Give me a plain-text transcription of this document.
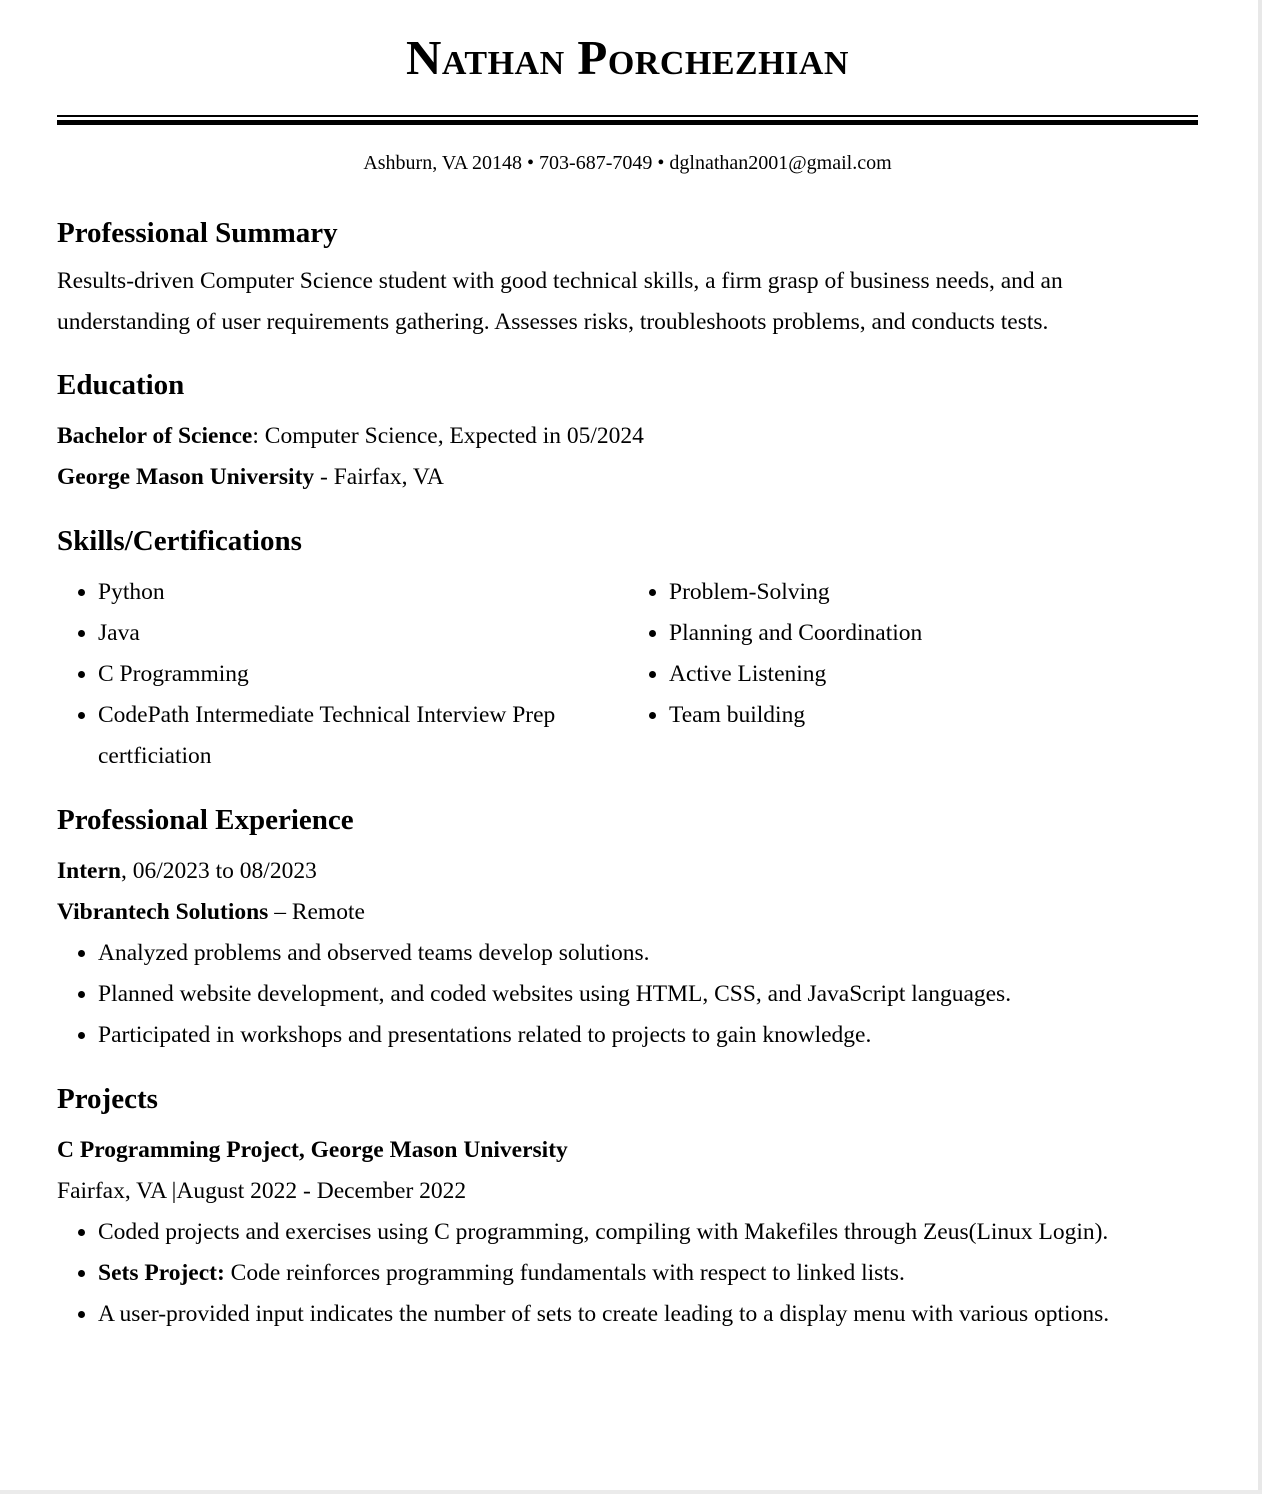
Nathan Porchezhian
Ashburn, VA 20148 • 703-687-7049 • dglnathan2001@gmail.com
Professional Summary

Results-driven Computer Science student with good technical skills, a firm grasp of business needs, and an understanding of user requirements gathering. Assesses risks, troubleshoots problems, and conducts tests.

Education
Bachelor of Science: Computer Science, Expected in 05/2024
George Mason University - Fairfax, VA
Skills/Certifications
• Python
• Java
• C Programming
• CodePath Intermediate Technical Interview Prep certficiation
• Problem-Solving
• Planning and Coordination
• Active Listening
• Team building
Professional Experience
Intern, 06/2023 to 08/2023
Vibrantech Solutions – Remote
• Analyzed problems and observed teams develop solutions.
• Planned website development, and coded websites using HTML, CSS, and JavaScript languages.
• Participated in workshops and presentations related to projects to gain knowledge.
Projects
C Programming Project, George Mason University
Fairfax, VA |August 2022 - December 2022
• Coded projects and exercises using C programming, compiling with Makefiles through Zeus(Linux Login).
• Sets Project: Code reinforces programming fundamentals with respect to linked lists.
• A user-provided input indicates the number of sets to create leading to a display menu with various options.
